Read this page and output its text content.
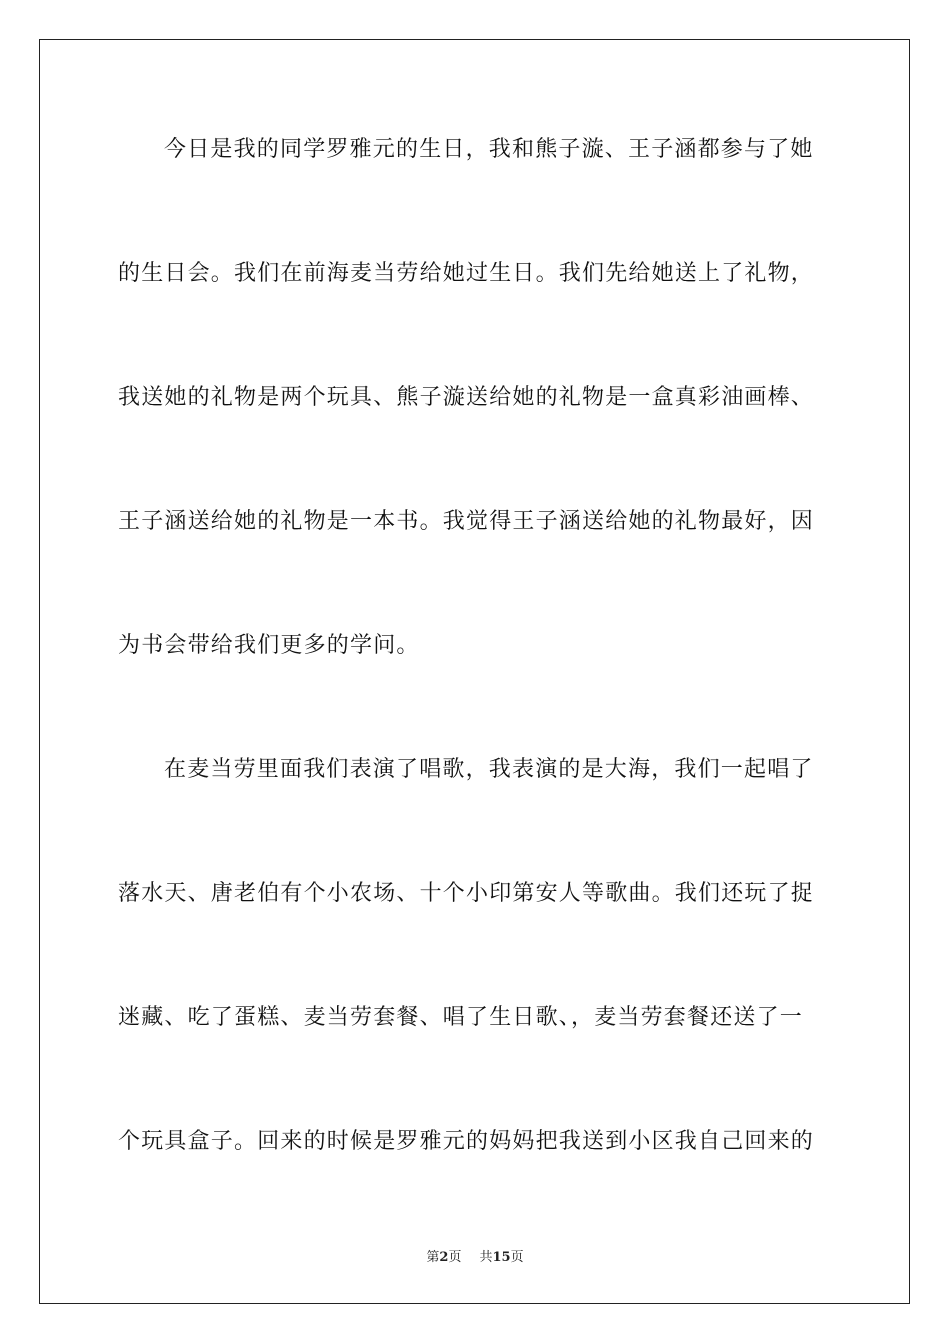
今日是我的同学罗雅元的生日，我和熊子漩、王子涵都参与了她
的生日会。我们在前海麦当劳给她过生日。我们先给她送上了礼物，
我送她的礼物是两个玩具、熊子漩送给她的礼物是一盒真彩油画棒、
王子涵送给她的礼物是一本书。我觉得王子涵送给她的礼物最好，因
为书会带给我们更多的学问。
在麦当劳里面我们表演了唱歌，我表演的是大海，我们一起唱了
落水天、唐老伯有个小农场、十个小印第安人等歌曲。我们还玩了捉
迷藏、吃了蛋糕、麦当劳套餐、唱了生日歌、，麦当劳套餐还送了一
个玩具盒子。回来的时候是罗雅元的妈妈把我送到小区我自己回来的
第2页 共15页
